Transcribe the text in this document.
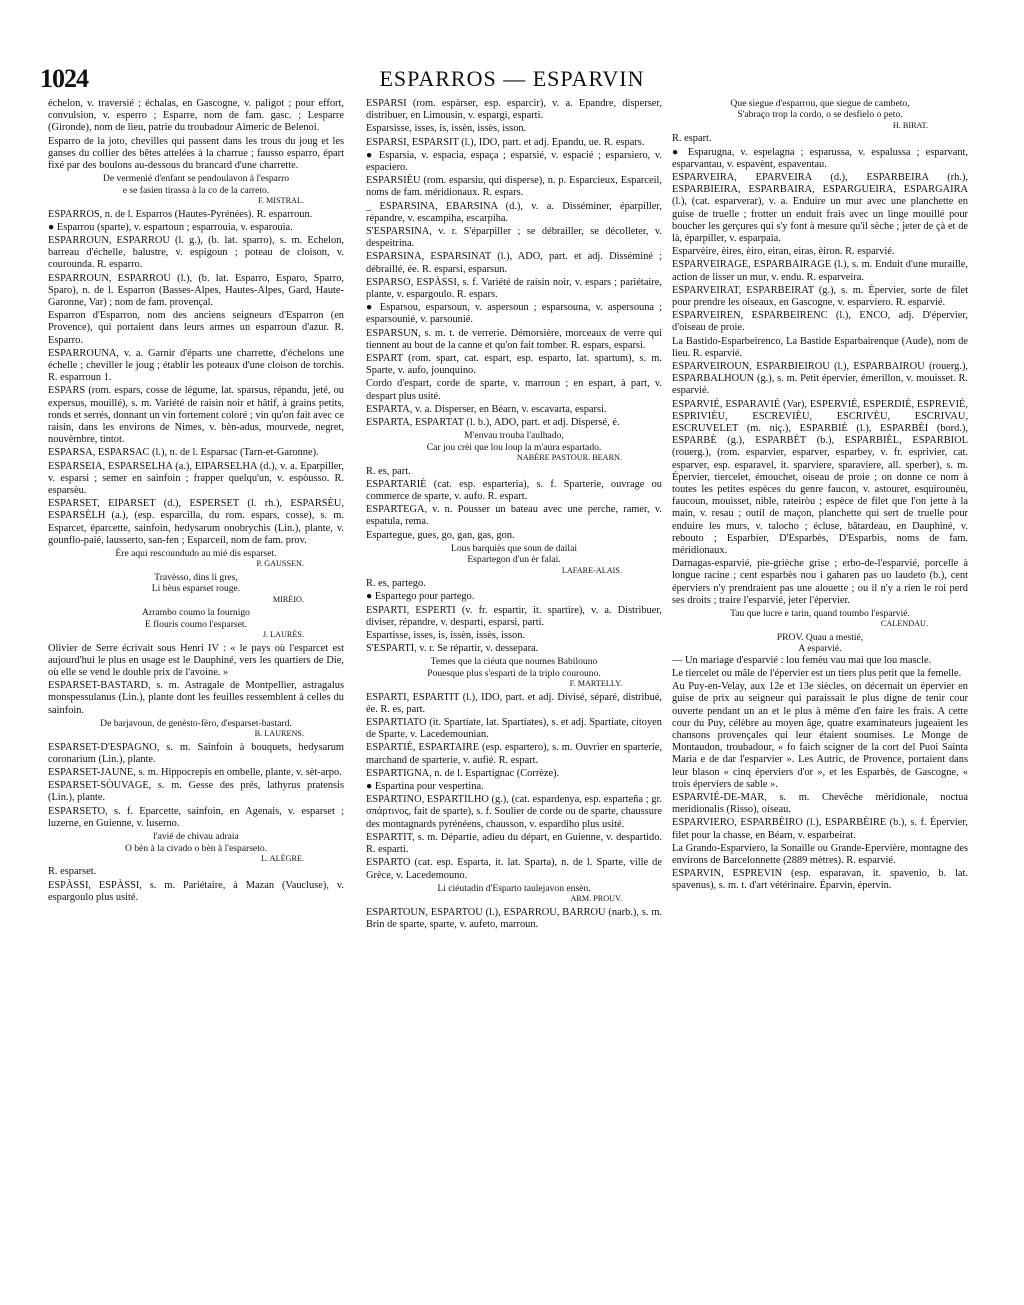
1024	ESPARROS — ESPARVIN

échelon, v. traversié ; échalas, en Gascogne, v. paligot ; pour effort, convulsion, v. esperro ; Esparre, nom de fam. gasc. ; Lesparre (Gironde), nom de lieu, patrie du troubadour Aimeric de Belenoi.

Esparro de la joto, chevilles qui passent dans les trous du joug et les ganses du collier des bêtes attelées à la charrue ; fausso esparro, épart fixé par des boulons au-dessous du brancard d'une charrette.

De vermenié d'enfant se pendoulavon à l'esparro

e se fasien tirassa à la co de la carreto.

F. MISTRAL.

ESPARROS, n. de l. Esparros (Hautes-Pyrénées). R. esparroun.

● Esparrou (sparte), v. espartoun ; esparrouia, v. esparouia.

ESPARROUN, ESPARROU (l. g.), (b. lat. sparro), s. m. Echelon, barreau d'échelle, balustre, v. espigoun ; poteau de cloison, v. courounda. R. esparro.

ESPARROUN, ESPARROU (l.), (b. lat. Esparro, Esparo, Sparro, Sparo), n. de l. Esparron (Basses-Alpes, Hautes-Alpes, Gard, Haute-Garonne, Var) ; nom de fam. provençal.

Esparron d'Esparron, nom des anciens seigneurs d'Esparron (en Provence), qui portaient dans leurs armes un esparroun d'azur. R. Esparro.

ESPARROUNA, v. a. Garnir d'éparts une charrette, d'échelons une échelle ; cheviller le joug ; établir les poteaux d'une cloison de torchis. R. esparroun 1.

ESPARS (rom. espars, cosse de légume, lat. sparsus, répandu, jeté, ou expersus, mouillé), s. m. Variété de raisin noir et hâtif, à grains petits, ronds et serrés, donnant un vin fortement coloré ; vin qu'on fait avec ce raisin, dans les environs de Nimes, v. bèn-adus, mourvede, negret, nouvèmbre, tintot.

ESPARSA, ESPARSAC (l.), n. de l. Esparsac (Tarn-et-Garonne).

ESPARSEIA, ESPARSELHA (a.), EIPARSELHA (d.), v. a. Eparpiller, v. esparsi ; semer en sainfoin ; frapper quelqu'un, v. espòusso. R. esparsèu.

ESPARSET, EIPARSET (d.), ESPERSET (l. rh.), ESPARSÈU, ESPARSÈLH (a.), (esp. esparcilla, du rom. espars, cosse), s. m. Esparcet, éparcette, sainfoin, hedysarum onobrychis (Lin.), plante, v. gounflo-paié, lausserto, san-fen ; Esparceil, nom de fam. prov.

Ère aqui rescoundudo au mié dis esparset.

P. GAUSSEN.

Travèsso, dins li gres,

Li bèus esparset rouge.

MIRÈIO.

Arrambo coumo la fournigo

E flouris coumo l'esparset.

J. LAURÈS.

Olivier de Serre écrivait sous Henri IV : « le pays où l'esparcet est aujourd'hui le plus en usage est le Dauphiné, vers les quartiers de Die, où elle se vend le double prix de l'avoine. »

ESPARSET-BASTARD, s. m. Astragale de Montpellier, astragalus monspessulanus (Lin.), plante dont les feuilles ressemblent à celles du sainfoin.

De barjavoun, de genèsto-fèro, d'esparset-bastard.

B. LAURENS.

ESPARSET-D'ESPAGNO, s. m. Sainfoin à bouquets, hedysarum coronarium (Lin.), plante.

ESPARSET-JAUNE, s. m. Hippocrepis en ombelle, plante, v. sèt-arpo.

ESPARSET-SÒUVAGE, s. m. Gesse des prés, lathyrus pratensis (Lin.), plante.

ESPARSETO, s. f. Eparcette, sainfoin, en Agenais, v. esparset ; luzerne, en Guienne, v. luserno.

l'avié de chivau adraia

O bèn à la civado o bèn à l'esparseto.

L. ALÈGRE.

R. esparset.

ESPÀSSI, ESPÀSSI, s. m. Pariétaire, à Mazan (Vaucluse), v. espargoulo plus usité.

ESPARSI (rom. espàrser, esp. esparcir), v. a. Epandre, disperser, distribuer, en Limousin, v. espargi, esparti.

Esparsisse, isses, is, issèn, issès, isson.

ESPARSI, ESPARSIT (l.), IDO, part. et adj. Epandu, ue. R. espars.

● Esparsia, v. espacia, espaça ; esparsié, v. espacié ; esparsiero, v. espaciero.

ESPARSIÈU (rom. esparsiu, qui disperse), n. p. Esparcieux, Esparceil, noms de fam. méridionaux. R. espars.

_ ESPARSINA, EBARSINA (d.), v. a. Disséminer, éparpiller, répandre, v. escampiha, escarpiha.

S'ESPARSINA, v. r. S'éparpiller ; se débrailler, se décolleter, v. despeitrina.

ESPARSINA, ESPARSINAT (l.), ADO, part. et adj. Disséminé ; débraillé, ée. R. esparsi, esparsun.

ESPARSO, ESPÀSSI, s. f. Variété de raisin noir, v. espars ; pariétaire, plante, v. espargoulo. R. espars.

● Esparsou, esparsoun, v. aspersoun ; esparsouna, v. aspersouna ; esparsounié, v. parsounié.

ESPARSUN, s. m. t. de verrerie. Démorsière, morceaux de verre qui tiennent au bout de la canne et qu'on fait tomber. R. espars, esparsi.

ESPART (rom. spart, cat. espart, esp. esparto, lat. spartum), s. m. Sparte, v. aufo, jounquino.

Cordo d'espart, corde de sparte, v. marroun ; en espart, à part, v. despart plus usité.

ESPARTA, v. a. Disperser, en Béarn, v. escavarta, esparsi.

ESPARTA, ESPARTAT (l. b.), ADO, part. et adj. Dispersé, é.

M'envau trouba l'aulhado,

Car jou crèi que lou loup la m'aura espartado.

NABÈRE PASTOUR. BEARN.

R. es, part.

ESPARTARIÉ (cat. esp. esparteria), s. f. Sparterie, ouvrage ou commerce de sparte, v. aufo. R. espart.

ESPARTEGA, v. n. Pousser un bateau avec une perche, ramer, v. espatula, rema.

Espartegue, gues, go, gan, gas, gon.

Lous barquiès que soun de dailai

Espartegon d'un èr falai.

LAFARE-ALAIS.

R. es, partego.

● Espartego pour partego.

ESPARTI, ESPERTI (v. fr. espartir, it. spartire), v. a. Distribuer, diviser, répandre, v. desparti, esparsi, parti.

Espartisse, isses, is, issèn, issès, isson.

S'ESPARTI, v. r. Se répartir, v. dessepara.

Temes que la ciéuta que noumes Babilouno

Pouesque plus s'esparti de la triplo courouno.

F. MARTELLY.

ESPARTI, ESPARTIT (l.), IDO, part. et adj. Divisé, séparé, distribué, ée. R. es, part.

ESPARTIATO (it. Spartiate, lat. Spartiates), s. et adj. Spartiate, citoyen de Sparte, v. Lacedemounian.

ESPARTIÉ, ESPARTAIRE (esp. espartero), s. m. Ouvrier en sparterie, marchand de sparterie, v. aufié. R. espart.

ESPARTIGNA, n. de l. Espartignac (Corrèze).

● Espartina pour vespertina.

ESPARTINO, ESPARTILHO (g.), (cat. espardenya, esp. esparteña ; gr. σπάρτινος, fait de sparte), s. f. Soulier de corde ou de sparte, chaussure des montagnards pyrénéens, chausson, v. espardiho plus usité.

ESPARTIT, s. m. Départie, adieu du départ, en Guienne, v. despartido. R. esparti.

ESPARTO (cat. esp. Esparta, it. lat. Sparta), n. de l. Sparte, ville de Grèce, v. Lacedemouno.

Li ciéutadin d'Esparto taulejavon ensèn.

ARM. PROUV.

ESPARTOUN, ESPARTOU (l.), ESPARROU, BARROU (narb.), s. m. Brin de sparte, sparte, v. aufeto, marroun.

Que siegue d'esparrou, que siegue de cambeto,

S'abraço trop la cordo, o se desfielo o peto.

H. BIRAT.

R. espart.

● Esparugna, v. espelagna ; esparussa, v. espalussa ; esparvant, esparvantau, v. espavènt, espaventau.

ESPARVEIRA, EPARVEIRA (d.), ESPARBEIRA (rh.), ESPARBIEIRA, ESPARBAIRA, ESPARGUEIRA, ESPARGAIRA (l.), (cat. esparverar), v. a. Enduire un mur avec une planchette en guise de truelle ; frotter un enduit frais avec un linge mouillé pour boucher les gerçures qui s'y font à mesure qu'il sèche ; jeter de çà et de là, éparpiller, v. esparpaia.

Esparvèire, èires, èiro, eiran, eiras, èiron. R. esparvié.

ESPARVEIRAGE, ESPARBAIRAGE (l.), s. m. Enduit d'une muraille, action de lisser un mur, v. endu. R. esparveira.

ESPARVEIRAT, ESPARBEIRAT (g.), s. m. Épervier, sorte de filet pour prendre les oiseaux, en Gascogne, v. esparviero. R. esparvié.

ESPARVEIREN, ESPARBEIRENC (l.), ENCO, adj. D'épervier, d'oiseau de proie.

La Bastido-Esparbeirenco, La Bastide Esparbairenque (Aude), nom de lieu. R. esparvié.

ESPARVEIROUN, ESPARBIEIROU (l.), ESPARBAIROU (rouerg.), ESPARBALHOUN (g.), s. m. Petit épervier, émerillon, v. mouisset. R. esparvié.

ESPARVIÉ, ESPARAVIÉ (Var), ESPERVIÉ, ESPERDIÉ, ESPREVIÉ, ESPRIVIÈU, ESCREVIÈU, ESCRIVÈU, ESCRIVAU, ESCRUVELET (m. niç.), ESPARBIÉ (l.), ESPARBÈI (bord.), ESPARBÈ (g.), ESPARBÈT (b.), ESPARBIÈL, ESPARBIOL (rouerg.), (rom. esparvier, esparver, esparbey, v. fr. esprivier, cat. esparver, esp. esparavel, it. sparviere, sparaviere, all. sperber), s. m. Épervier, tiercelet, émouchet, oiseau de proie ; on donne ce nom à toutes les petites espèces du genre faucon, v. astouret, esquirounèu, faucoun, mouisset, nible, rateiròu ; espèce de filet que l'on jette à la main, v. resau ; outil de maçon, planchette qui sert de truelle pour enduire les murs, v. talocho ; écluse, bâtardeau, en Dauphiné, v. rebouto ; Esparbier, D'Esparbès, D'Esparbis, noms de fam. méridionaux.

Darnagas-esparvié, pie-grièche grise ; erbo-de-l'esparvié, porcelle à longue racine ; cent esparbès nou i gaharen pas uo laudeto (b.), cent éperviers n'y prendraient pas une alouette ; ou il n'y a rien le roi perd ses droits ; traire l'esparvié, jeter l'épervier.

Tau que lucre e tarin, quand toumbo l'esparvié.

CALENDAU.

PROV. Quau a mestié,

A esparvié.

— Un mariage d'esparvié : lou femèu vau mai que lou mascle.

Le tiercelet ou mâle de l'épervier est un tiers plus petit que la femelle.

Au Puy-en-Velay, aux 12e et 13e siècles, on décernait un épervier en guise de prix au seigneur qui paraissait le plus digne de tenir cour ouverte pendant un an et le plus à même d'en faire les frais. A cette cour du Puy, célèbre au moyen âge, quatre examinateurs jugeaient les chansons provençales qui leur étaient soumises. Le Monge de Montaudon, troubadour, « fo faich scigner de la cort del Puoi Sainta Maria e de dar l'esparvier ». Les Autric, de Provence, portaient dans leur blason « cinq éperviers d'or », et les Esparbès, de Gascogne, « trois éperviers de sable ».

ESPARVIÉ-DE-MAR, s. m. Chevêche méridionale, noctua meridionalis (Risso), oiseau.

ESPARVIERO, ESPARBÈIRO (l.), ESPARBÈIRE (b.), s. f. Épervier, filet pour la chasse, en Béarn, v. esparbeirat.

La Grando-Esparviero, la Sonaille ou Grande-Epervière, montagne des environs de Barcelonnette (2889 mètres). R. esparvié.

ESPARVIN, ESPREVIN (esp. esparavan, it. spavenio, b. lat. spavenus), s. m. t. d'art vétérinaire. Éparvin, épervin.
